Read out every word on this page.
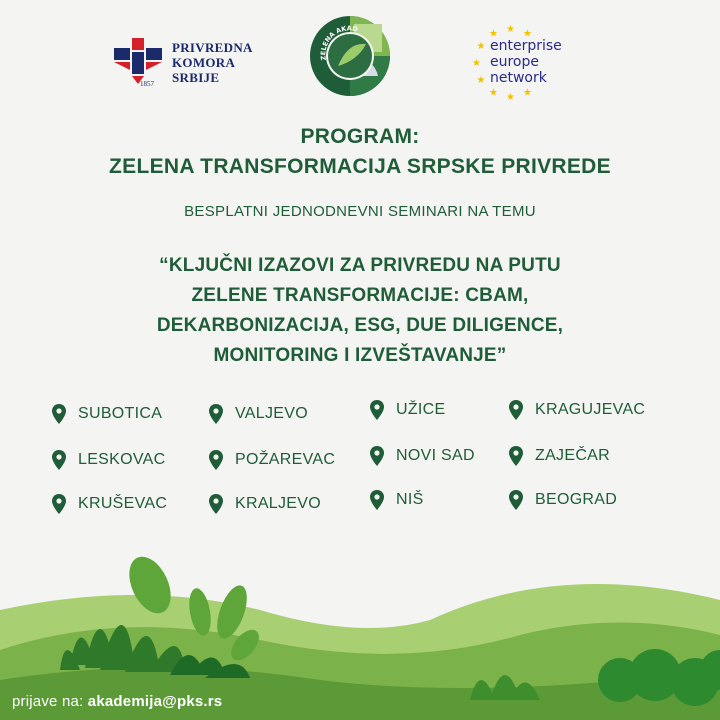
PRIVREDNA
KOMORA
SRBIJE
1857
ZELENA AKAD	★ ★
★
★
★
★
★
★
★
enterprise
europe
network
PROGRAM:
ZELENA TRANSFORMACIJA SRPSKE PRIVREDE
BESPLATNI JEDNODNEVNI SEMINARI NA TEMU
“KLJUČNI IZAZOVI ZA PRIVREDU NA PUTU
ZELENE TRANSFORMACIJE: CBAM,
DEKARBONIZACIJA, ESG, DUE DILIGENCE,
MONITORING I IZVEŠTAVANJE”
SUBOTICA	VALJEVO	UŽICE	KRAGUJEVAC
LESKOVAC	POŽAREVAC	NOVI SAD	ZAJEČAR
KRUŠEVAC	KRALJEVO	NIŠ	BEOGRAD
prijave na: akademija@pks.rs
